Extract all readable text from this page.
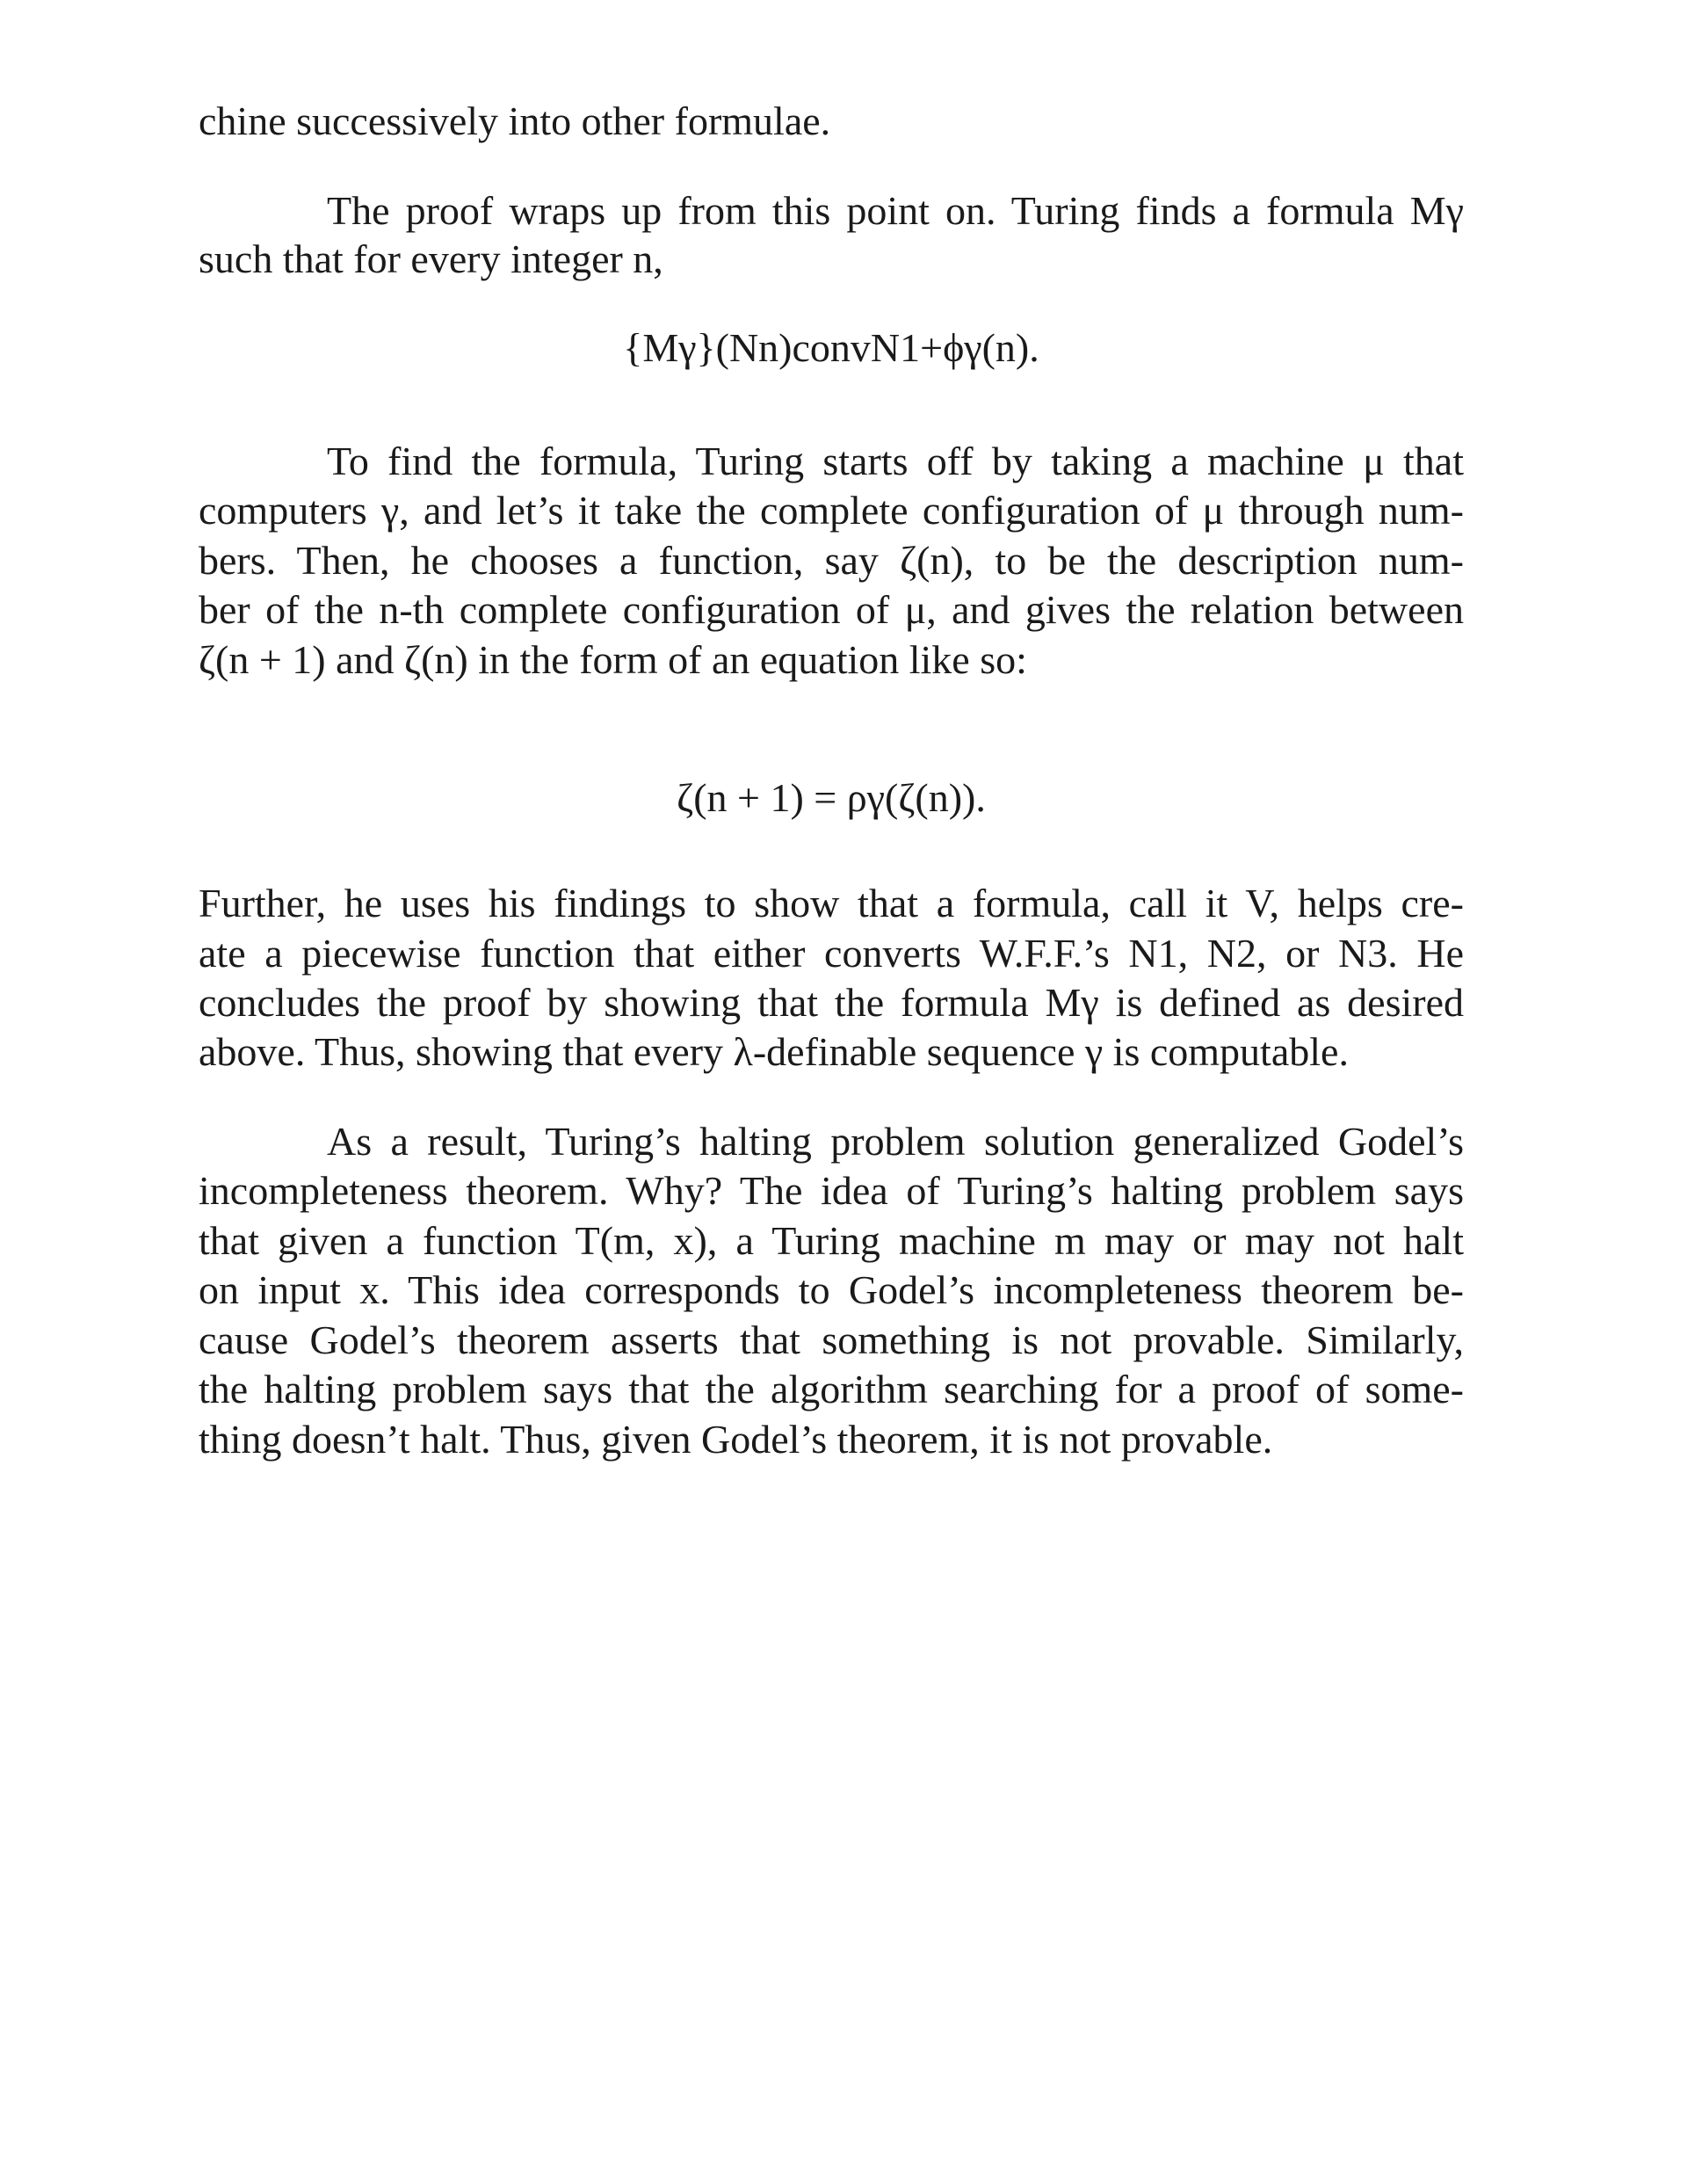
chine successively into other formulae.
The proof wraps up from this point on. Turing finds a formula Mγ
such that for every integer n,
{Mγ}(Nn)convN1+ϕγ(n).
To find the formula, Turing starts off by taking a machine μ that
computers γ, and let’s it take the complete configuration of μ through num-
bers. Then, he chooses a function, say ζ(n), to be the description num-
ber of the n-th complete configuration of μ, and gives the relation between
ζ(n + 1) and ζ(n) in the form of an equation like so:
ζ(n + 1) = ργ(ζ(n)).
Further, he uses his findings to show that a formula, call it V, helps cre-
ate a piecewise function that either converts W.F.F.’s N1, N2, or N3. He
concludes the proof by showing that the formula Mγ is defined as desired
above. Thus, showing that every λ-definable sequence γ is computable.
As a result, Turing’s halting problem solution generalized Godel’s
incompleteness theorem. Why? The idea of Turing’s halting problem says
that given a function T(m, x), a Turing machine m may or may not halt
on input x. This idea corresponds to Godel’s incompleteness theorem be-
cause Godel’s theorem asserts that something is not provable. Similarly,
the halting problem says that the algorithm searching for a proof of some-
thing doesn’t halt. Thus, given Godel’s theorem, it is not provable.
